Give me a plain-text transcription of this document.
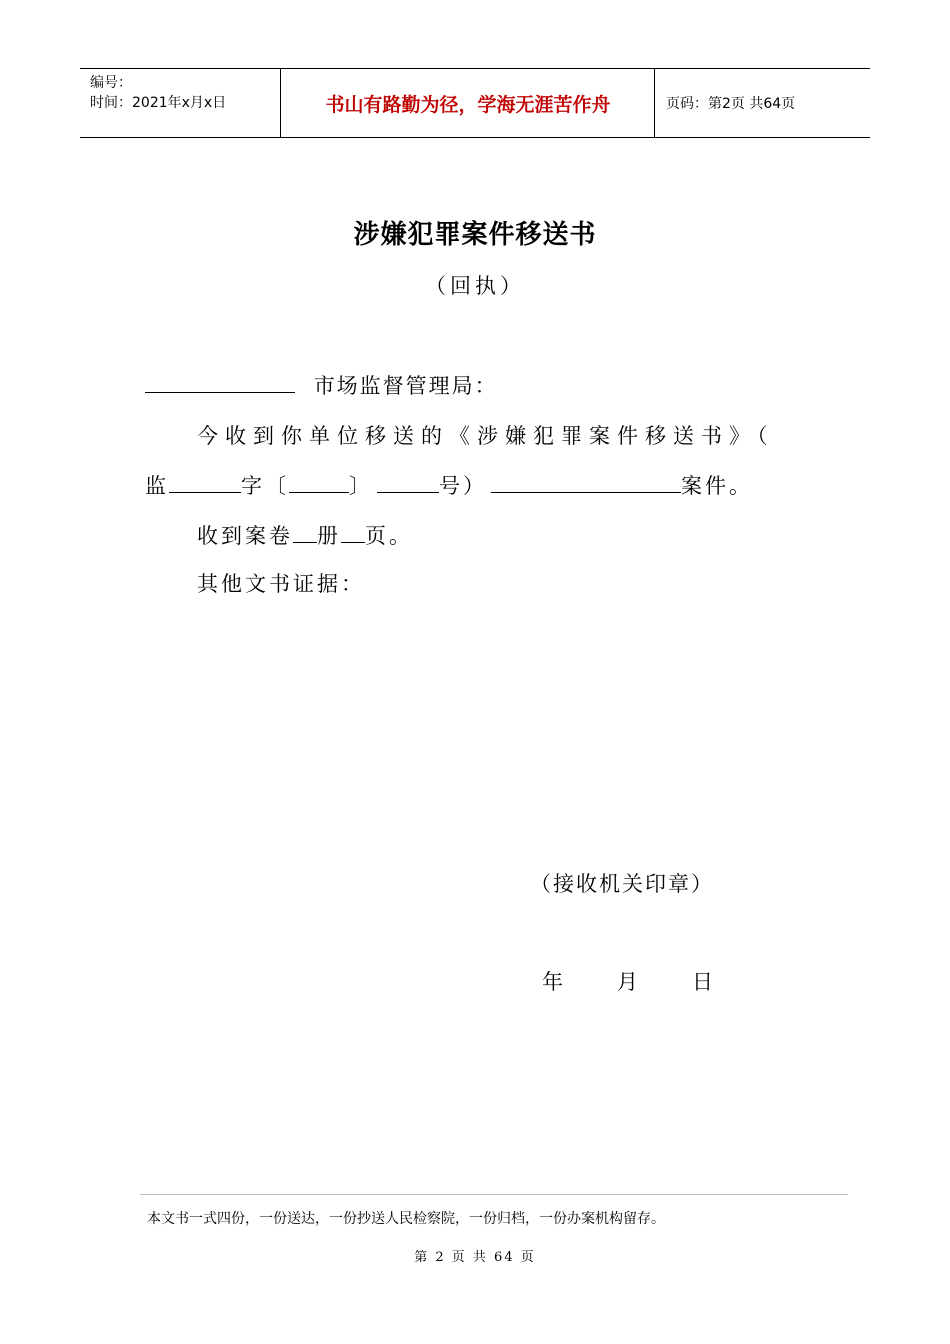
编号：
时间：2021年x月x日	书山有路勤为径，学海无涯苦作舟	页码：第2页 共64页
涉嫌犯罪案件移送书
（回执）
市场监督管理局：
今收到你单位移送的《涉嫌犯罪案件移送书》（
监	字〔	〕	号）	案件。
收到案卷 册 页。
其他文书证据：
（接收机关印章）
年	月	日
本文书一式四份，一份送达，一份抄送人民检察院，一份归档，一份办案机构留存。
第 2 页 共 64 页
